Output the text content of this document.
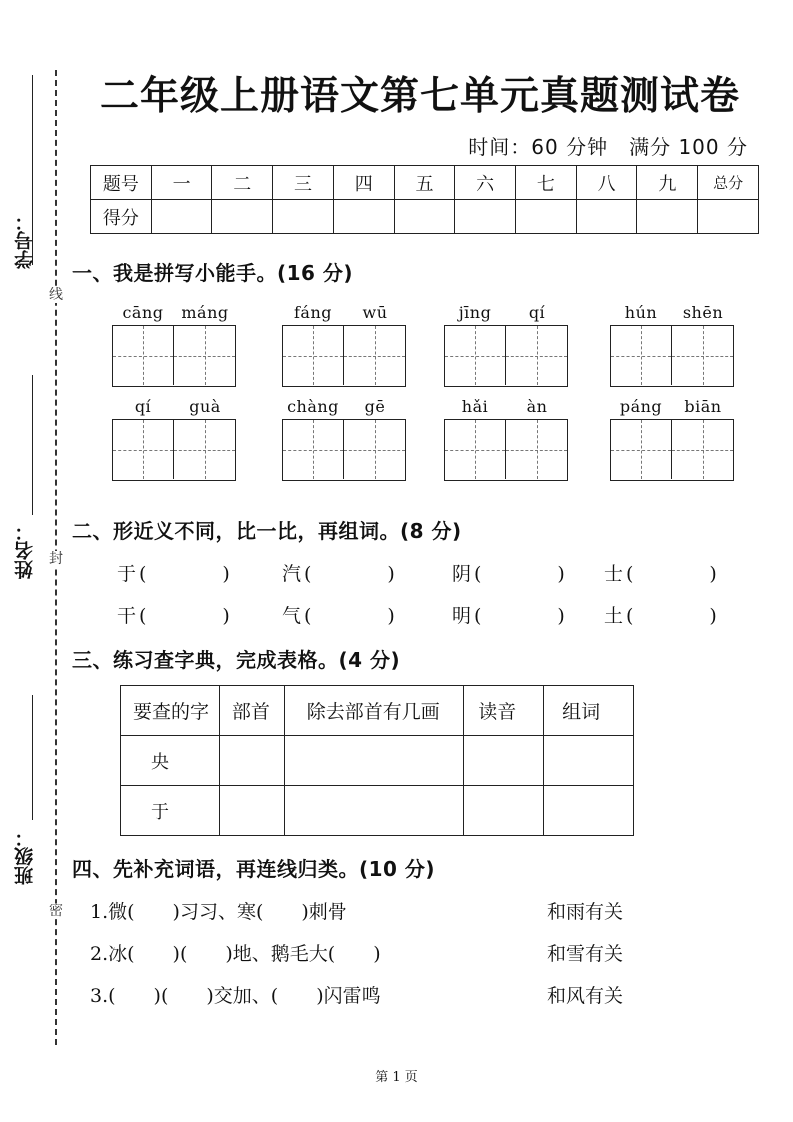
学号：
姓名：
班级：
线
封
密
二年级上册语文第七单元真题测试卷
时间：60 分钟　满分 100 分
题号	一	二	三	四	五	六	七	八	九	总分
得分										
一、我是拼写小能手。(16 分)
cāng	máng	fáng	wū	jīng	qí	hún	shēn
qí	guà	chàng	gē	hǎi	àn	páng	biān
二、形近义不同，比一比，再组词。(8 分)
于 (　　　　)	汽 (　　　　)	阴 (　　　　) 士 (　　　　)
干 (　　　　)	气 (　　　　)	明 (　　　　) 土 (　　　　)
三、练习查字典，完成表格。(4 分)
要查的字	部首	除去部首有几画	读音	组词
央				
于				
四、先补充词语，再连线归类。(10 分)
1.微(　　)习习、寒(　　)刺骨
2.冰(　　)(　　)地、鹅毛大(　　)
3.(　　)(　　)交加、(　　)闪雷鸣
和雨有关
和雪有关
和风有关
第 1 页
